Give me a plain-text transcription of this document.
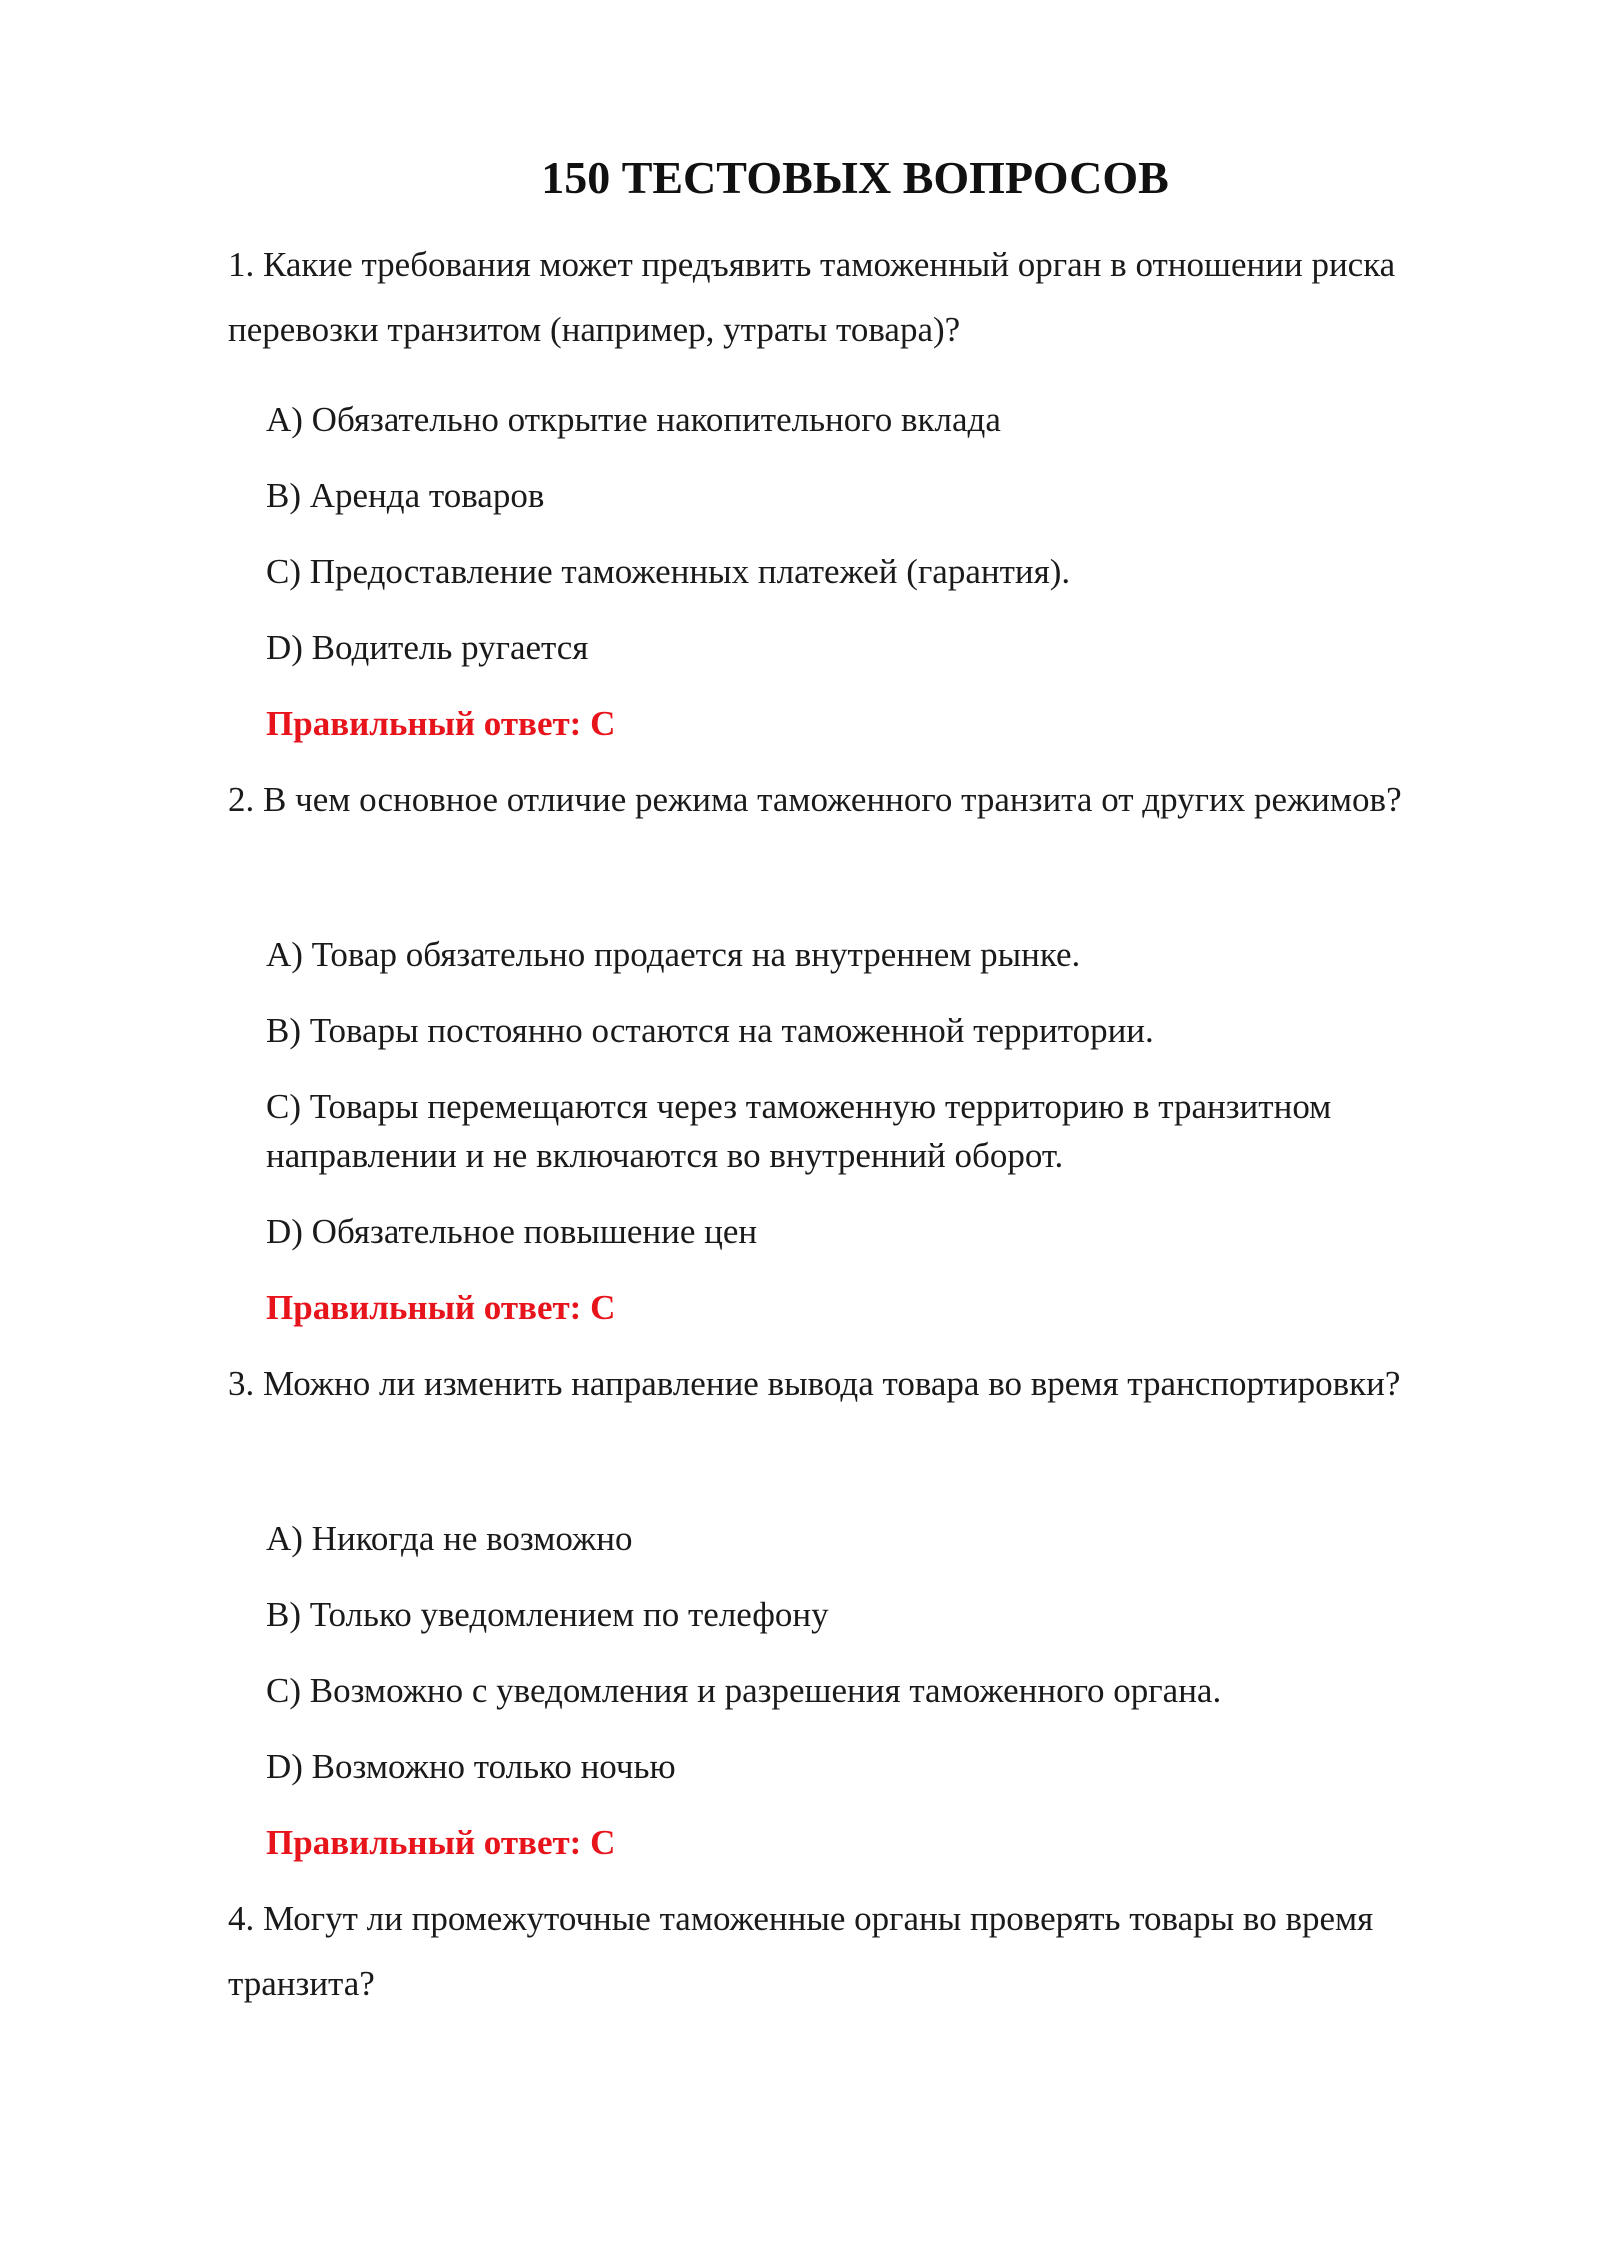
150 ТЕСТОВЫХ ВОПРОСОВ

1. Какие требования может предъявить таможенный орган в отношении риска перевозки транзитом (например, утраты товара)?

A) Обязательно открытие накопительного вклада

B) Аренда товаров

C) Предоставление таможенных платежей (гарантия).

D) Водитель ругается

Правильный ответ: C

2. В чем основное отличие режима таможенного транзита от других режимов?

A) Товар обязательно продается на внутреннем рынке.

B) Товары постоянно остаются на таможенной территории.

C) Товары перемещаются через таможенную территорию в транзитном направлении и не включаются во внутренний оборот.

D) Обязательное повышение цен

Правильный ответ: C

3. Можно ли изменить направление вывода товара во время транспортировки?

A) Никогда не возможно

B) Только уведомлением по телефону

C) Возможно с уведомления и разрешения таможенного органа.

D) Возможно только ночью

Правильный ответ: C

4. Могут ли промежуточные таможенные органы проверять товары во время транзита?
